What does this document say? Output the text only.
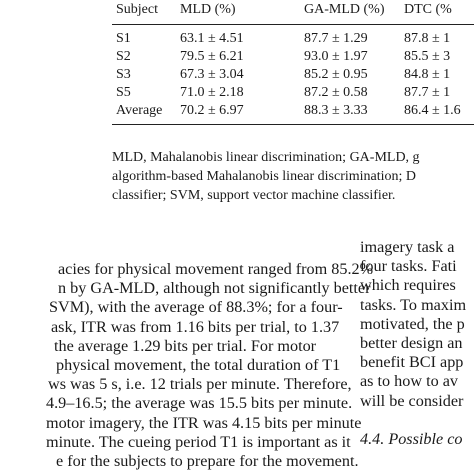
Subject MLD (%)	GA-MLD (%) DTC (%
S1	63.1 ± 4.51	87.7 ± 1.29	87.8 ± 1
S2	79.5 ± 6.21	93.0 ± 1.97	85.5 ± 3
S3	67.3 ± 3.04	85.2 ± 0.95	84.8 ± 1
S5	71.0 ± 2.18	87.2 ± 0.58	87.7 ± 1
Average 70.2 ± 6.97	88.3 ± 3.33	86.4 ± 1.6
MLD, Mahalanobis linear discrimination; GA-MLD, g
algorithm-based Mahalanobis linear discrimination; D
classifier; SVM, support vector machine classifier.
acies for physical movement ranged from 85.2%
n by GA-MLD, although not significantly better
SVM), with the average of 88.3%; for a four-
ask, ITR was from 1.16 bits per trial, to 1.37
the average 1.29 bits per trial. For motor
physical movement, the total duration of T1
ws was 5 s, i.e. 12 trials per minute. Therefore,
4.9–16.5; the average was 15.5 bits per minute.
motor imagery, the ITR was 4.15 bits per minute
minute. The cueing period T1 is important as it
e for the subjects to prepare for the movement.
imagery task a
four tasks. Fati
which requires
tasks. To maxim
motivated, the p
better design an
benefit BCI app
as to how to av
will be consider
4.4. Possible co
